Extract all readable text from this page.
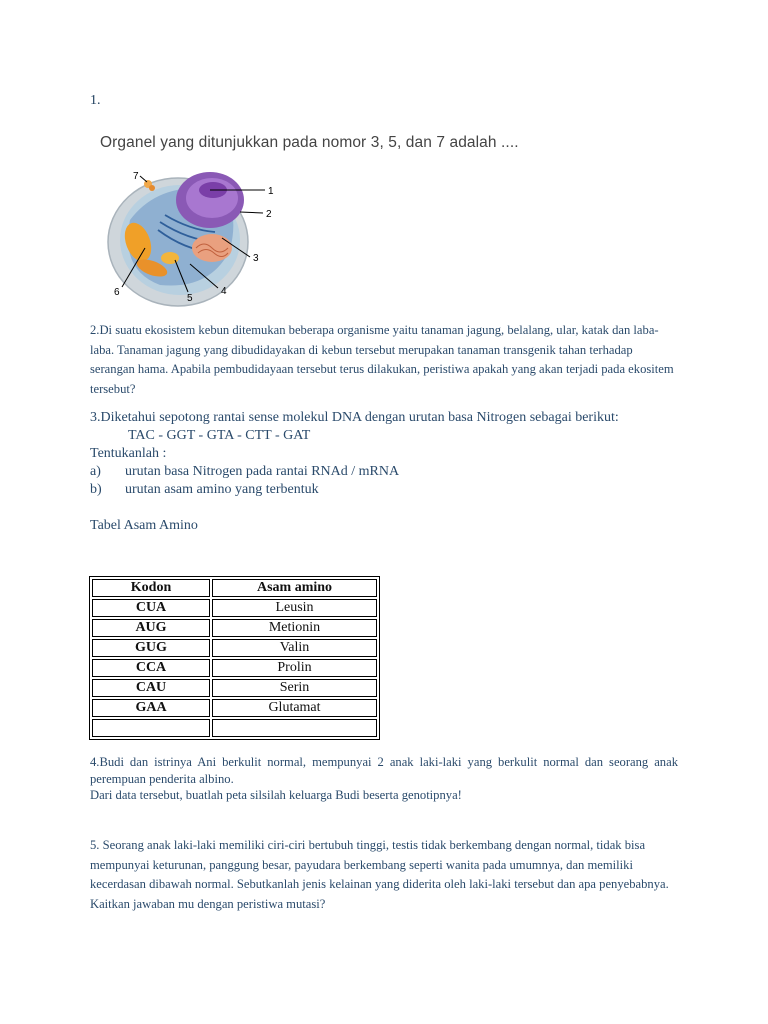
1.
Organel yang ditunjukkan pada nomor 3, 5, dan 7 adalah ....
1
2
3
4
5
6
7
2.Di suatu ekosistem kebun ditemukan beberapa organisme yaitu tanaman jagung, belalang, ular, katak dan laba-laba. Tanaman jagung yang dibudidayakan di kebun tersebut merupakan tanaman transgenik tahan terhadap serangan hama. Apabila pembudidayaan tersebut terus dilakukan, peristiwa apakah yang akan terjadi pada ekositem tersebut?
3.Diketahui sepotong rantai sense molekul DNA dengan urutan basa Nitrogen sebagai berikut:
TAC - GGT - GTA - CTT - GAT
Tentukanlah :
a)	urutan basa Nitrogen pada rantai RNAd / mRNA
b)	urutan asam amino yang terbentuk
Tabel Asam Amino
Kodon	Asam amino
CUA	Leusin
AUG	Metionin
GUG	Valin
CCA	Prolin
CAU	Serin
GAA	Glutamat

4.Budi dan istrinya Ani berkulit normal, mempunyai 2 anak laki-laki yang berkulit normal dan seorang anak perempuan penderita albino.
Dari data tersebut, buatlah peta silsilah keluarga Budi beserta genotipnya!
5. Seorang anak laki-laki memiliki ciri-ciri bertubuh tinggi, testis tidak berkembang dengan normal, tidak bisa mempunyai keturunan, panggung besar, payudara berkembang seperti wanita pada umumnya, dan memiliki kecerdasan dibawah normal. Sebutkanlah jenis kelainan yang diderita oleh laki-laki tersebut dan apa penyebabnya. Kaitkan jawaban mu dengan peristiwa mutasi?
